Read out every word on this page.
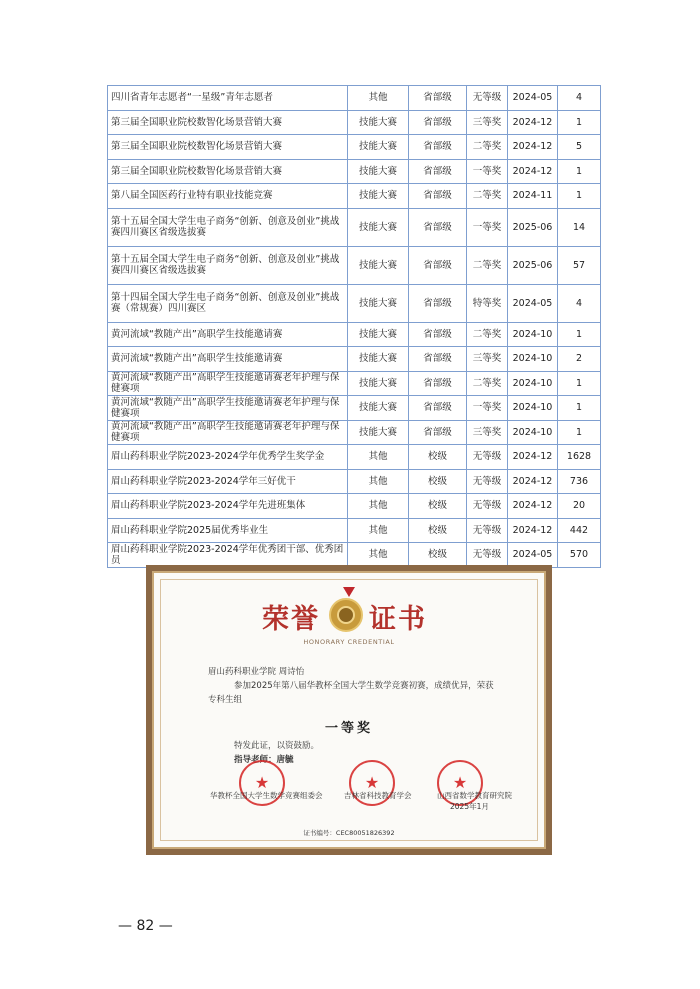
四川省青年志愿者“一星级”青年志愿者	其他	省部级	无等级	2024-05	4
第三届全国职业院校数智化场景营销大赛	技能大赛	省部级	三等奖	2024-12	1
第三届全国职业院校数智化场景营销大赛	技能大赛	省部级	二等奖	2024-12	5
第三届全国职业院校数智化场景营销大赛	技能大赛	省部级	一等奖	2024-12	1
第八届全国医药行业特有职业技能竞赛	技能大赛	省部级	二等奖	2024-11	1
第十五届全国大学生电子商务“创新、创意及创业”挑战赛四川赛区省级选拔赛	技能大赛	省部级	一等奖	2025-06	14
第十五届全国大学生电子商务“创新、创意及创业”挑战赛四川赛区省级选拔赛	技能大赛	省部级	二等奖	2025-06	57
第十四届全国大学生电子商务“创新、创意及创业”挑战赛（常规赛）四川赛区	技能大赛	省部级	特等奖	2024-05	4
黄河流域“教随产出”高职学生技能邀请赛	技能大赛	省部级	二等奖	2024-10	1
黄河流域“教随产出”高职学生技能邀请赛	技能大赛	省部级	三等奖	2024-10	2
黄河流域“教随产出”高职学生技能邀请赛老年护理与保健赛项	技能大赛	省部级	二等奖	2024-10	1
黄河流域“教随产出”高职学生技能邀请赛老年护理与保健赛项	技能大赛	省部级	一等奖	2024-10	1
黄河流域“教随产出”高职学生技能邀请赛老年护理与保健赛项	技能大赛	省部级	三等奖	2024-10	1
眉山药科职业学院2023-2024学年优秀学生奖学金	其他	校级	无等级	2024-12	1628
眉山药科职业学院2023-2024学年三好优干	其他	校级	无等级	2024-12	736
眉山药科职业学院2023-2024学年先进班集体	其他	校级	无等级	2024-12	20
眉山药科职业学院2025届优秀毕业生	其他	校级	无等级	2024-12	442
眉山药科职业学院2023-2024学年优秀团干部、优秀团员	其他	校级	无等级	2024-05	570
荣誉 证书
HONORARY CREDENTIAL
眉山药科职业学院 周诗怡
参加2025年第八届华教杯全国大学生数学竞赛初赛，成绩优异，荣获
专科生组
一等奖
特发此证，以资鼓励。
指导老师：唐毓
★	★	★
华教杯全国大学生数学竞赛组委会	吉林省科技教育学会	山西省数学教育研究院
2025年1月
证书编号：CEC80051826392
— 82 —
